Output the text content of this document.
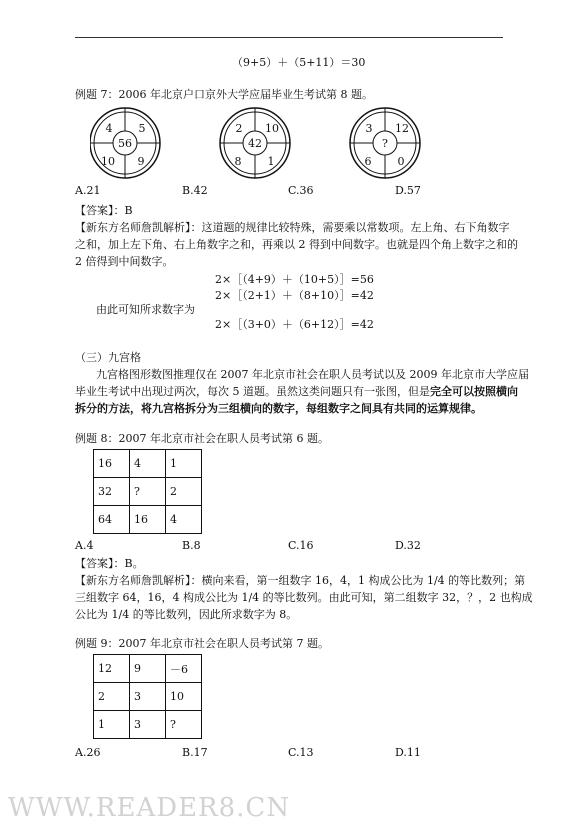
（9+5）＋（5+11）＝30
例题 7：2006 年北京户口京外大学应届毕业生考试第 8 题。
4 5
56
10 9
2 10
42
8 1
3 12
?
6 0
A.21	B.42	C.36	D.57
【答案】：B
【新东方名师詹凯解析】：这道题的规律比较特殊，需要乘以常数项。左上角、右下角数字
之和，加上左下角、右上角数字之和，再乘以 2 得到中间数字。也就是四个角上数字之和的
2 倍得到中间数字。
2×［（4+9）＋（10+5）］=56
2×［（2+1）＋（8+10）］=42
由此可知所求数字为
2×［（3+0）＋（6+12）］=42
（三）九宫格
九宫格图形数图推理仅在 2007 年北京市社会在职人员考试以及 2009 年北京市大学应届
毕业生考试中出现过两次，每次 5 道题。虽然这类问题只有一张图，但是完全可以按照横向
拆分的方法，将九宫格拆分为三组横向的数字，每组数字之间具有共同的运算规律。
例题 8：2007 年北京市社会在职人员考试第 6 题。
16	4	1
32	?	2
64	16	4
A.4	B.8	C.16	D.32
【答案】：B。
【新东方名师詹凯解析】：横向来看，第一组数字 16，4，1 构成公比为 1/4 的等比数列；第
三组数字 64，16，4 构成公比为 1/4 的等比数列。由此可知，第二组数字 32，？，2 也构成
公比为 1/4 的等比数列，因此所求数字为 8。
例题 9：2007 年北京市社会在职人员考试第 7 题。
12	9	－6
2	3	10
1	3	?
A.26	B.17	C.13	D.11
WWW.READER8.CN
